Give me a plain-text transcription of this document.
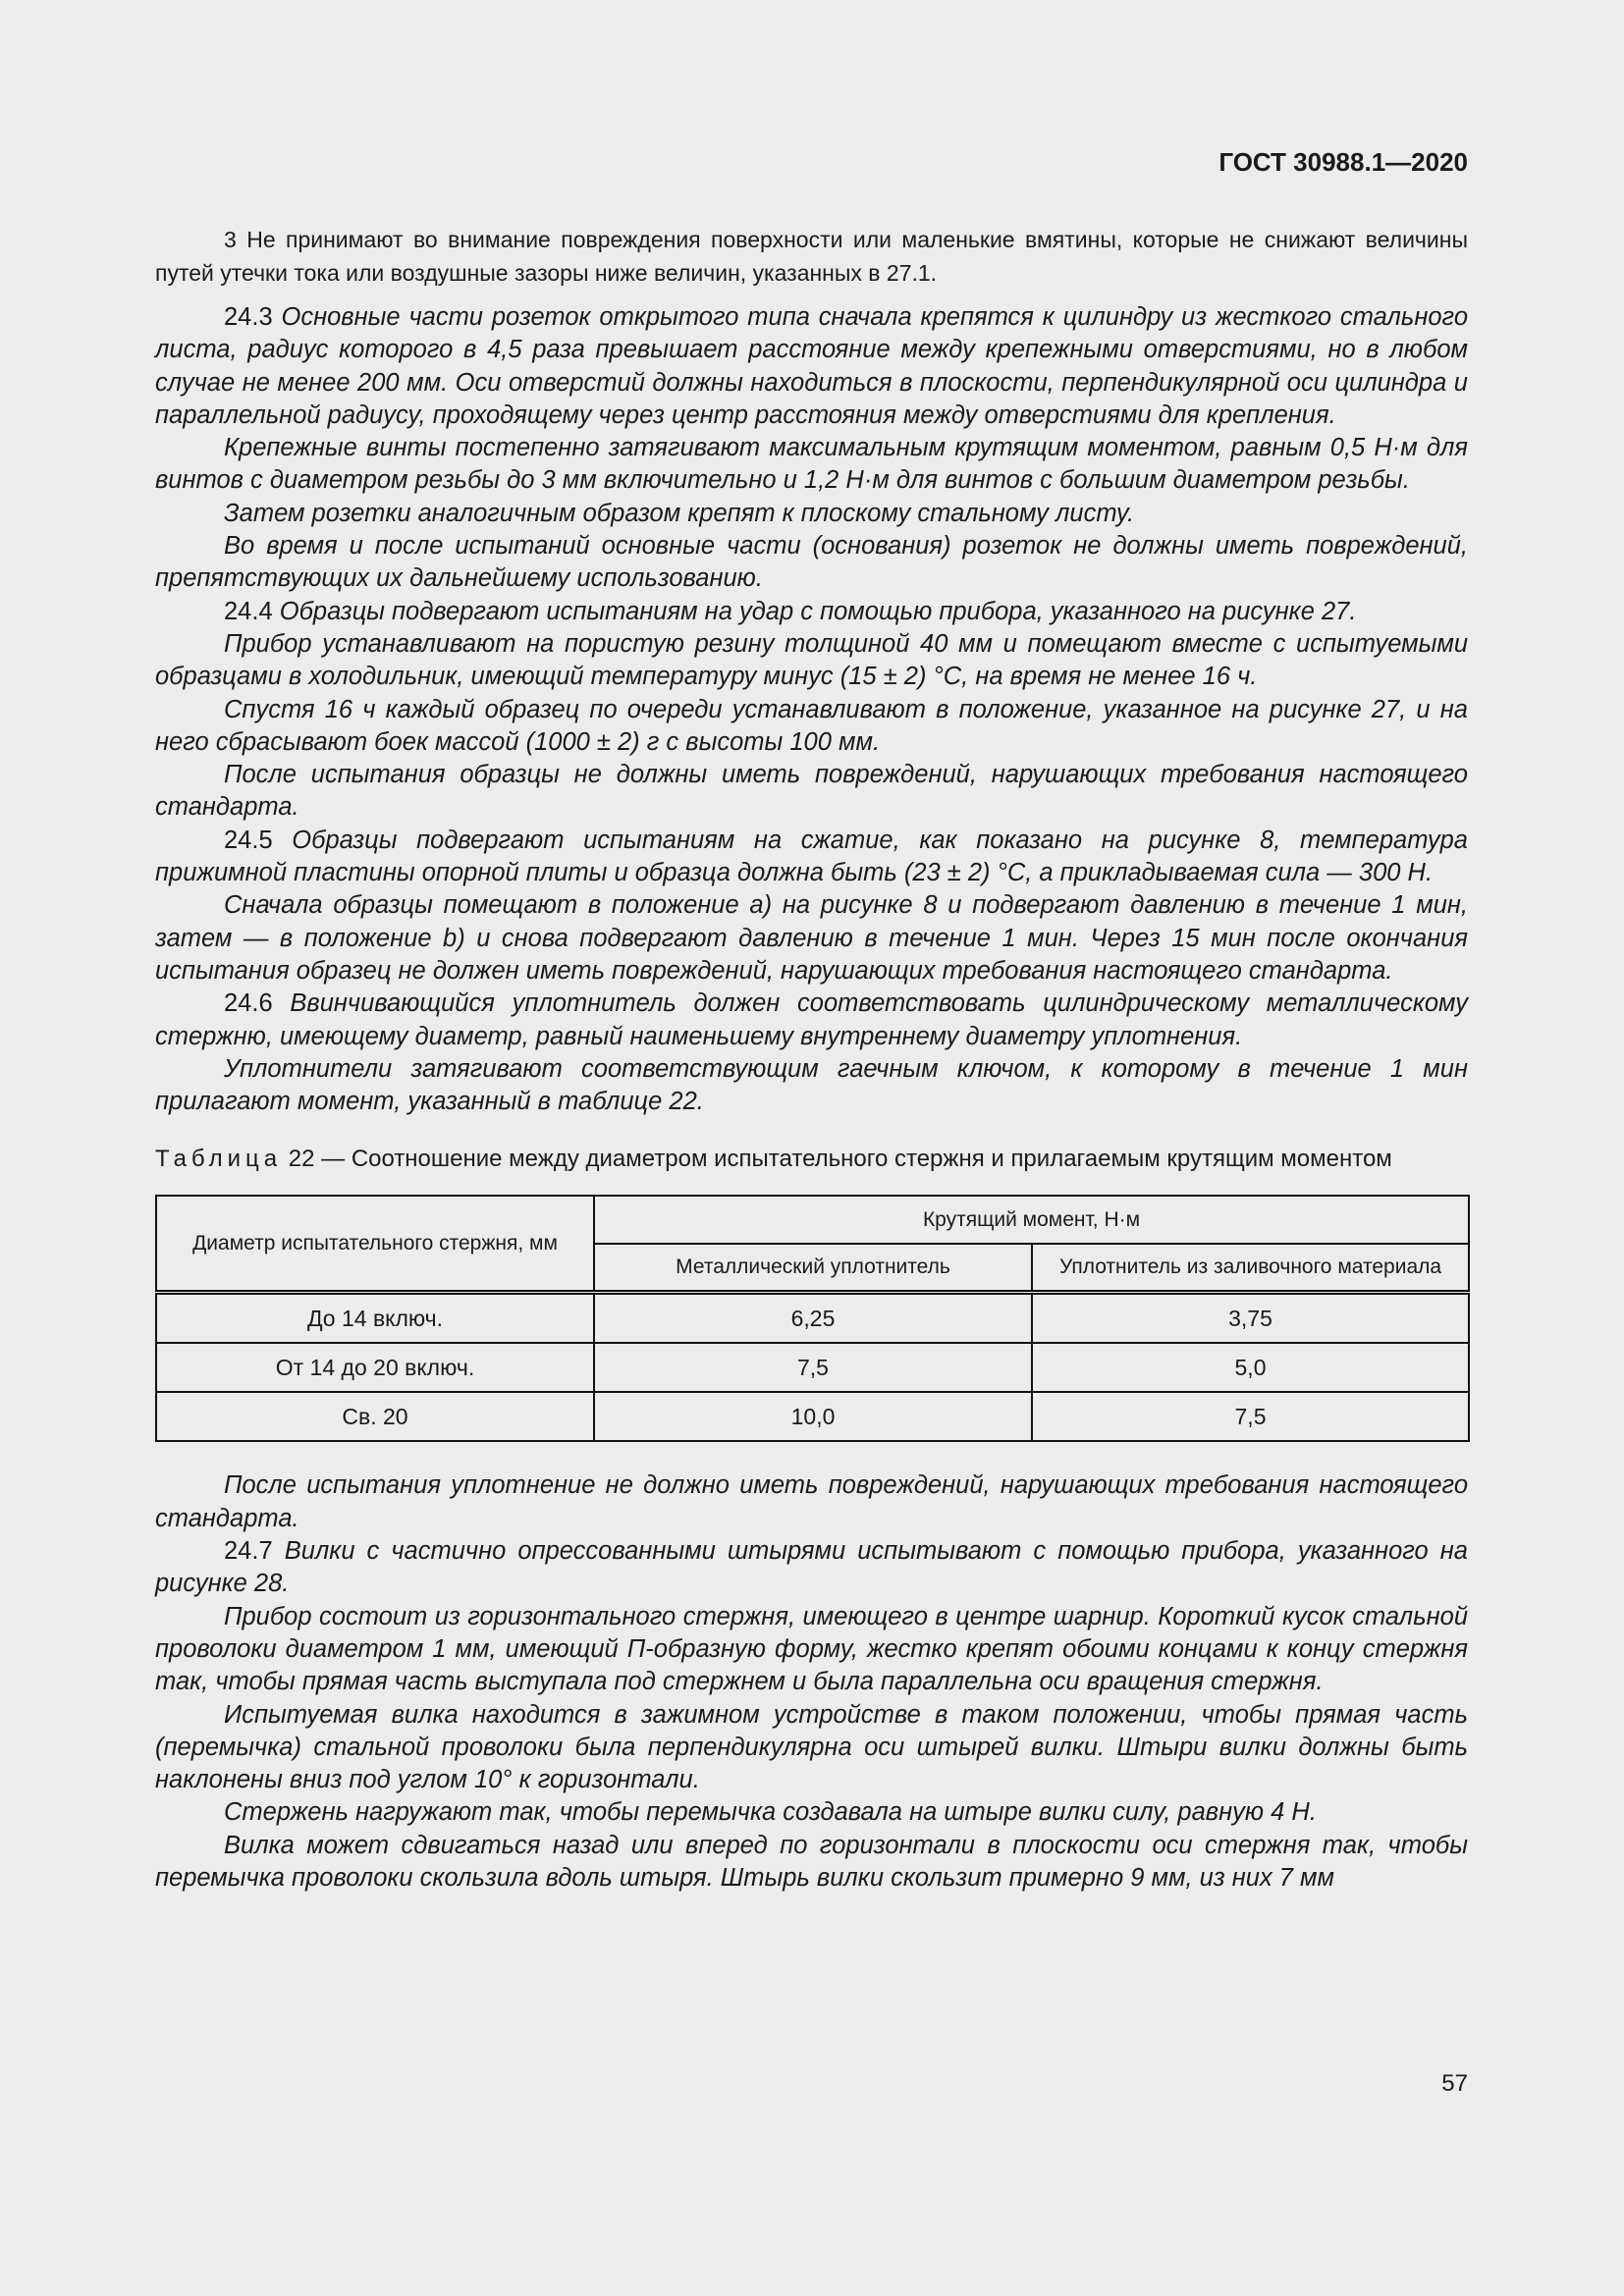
ГОСТ 30988.1—2020

3 Не принимают во внимание повреждения поверхности или маленькие вмятины, которые не снижают величины путей утечки тока или воздушные зазоры ниже величин, указанных в 27.1.

24.3 Основные части розеток открытого типа сначала крепятся к цилиндру из жесткого стального листа, радиус которого в 4,5 раза превышает расстояние между крепежными отверстиями, но в любом случае не менее 200 мм. Оси отверстий должны находиться в плоскости, перпендикулярной оси цилиндра и параллельной радиусу, проходящему через центр расстояния между отверстиями для крепления.

Крепежные винты постепенно затягивают максимальным крутящим моментом, равным 0,5 Н·м для винтов с диаметром резьбы до 3 мм включительно и 1,2 Н·м для винтов с большим диаметром резьбы.

Затем розетки аналогичным образом крепят к плоскому стальному листу.

Во время и после испытаний основные части (основания) розеток не должны иметь повреждений, препятствующих их дальнейшему использованию.

24.4 Образцы подвергают испытаниям на удар с помощью прибора, указанного на рисунке 27.

Прибор устанавливают на пористую резину толщиной 40 мм и помещают вместе с испытуемыми образцами в холодильник, имеющий температуру минус (15 ± 2) °С, на время не менее 16 ч.

Спустя 16 ч каждый образец по очереди устанавливают в положение, указанное на рисунке 27, и на него сбрасывают боек массой (1000 ± 2) г с высоты 100 мм.

После испытания образцы не должны иметь повреждений, нарушающих требования настоящего стандарта.

24.5 Образцы подвергают испытаниям на сжатие, как показано на рисунке 8, температура прижимной пластины опорной плиты и образца должна быть (23 ± 2) °С, а прикладываемая сила — 300 Н.

Сначала образцы помещают в положение а) на рисунке 8 и подвергают давлению в течение 1 мин, затем — в положение b) и снова подвергают давлению в течение 1 мин. Через 15 мин после окончания испытания образец не должен иметь повреждений, нарушающих требования настоящего стандарта.

24.6 Ввинчивающийся уплотнитель должен соответствовать цилиндрическому металлическому стержню, имеющему диаметр, равный наименьшему внутреннему диаметру уплотнения.

Уплотнители затягивают соответствующим гаечным ключом, к которому в течение 1 мин прилагают момент, указанный в таблице 22.

Таблица 22 — Соотношение между диаметром испытательного стержня и прилагаемым крутящим моментом
Диаметр испытательного стержня, мм	Крутящий момент, Н·м	
	Металлический уплотнитель	Уплотнитель из заливочного материала
До 14 включ.	6,25	3,75
От 14 до 20 включ.	7,5	5,0
Св. 20	10,0	7,5

После испытания уплотнение не должно иметь повреждений, нарушающих требования настоящего стандарта.

24.7 Вилки с частично опрессованными штырями испытывают с помощью прибора, указанного на рисунке 28.

Прибор состоит из горизонтального стержня, имеющего в центре шарнир. Короткий кусок стальной проволоки диаметром 1 мм, имеющий П-образную форму, жестко крепят обоими концами к концу стержня так, чтобы прямая часть выступала под стержнем и была параллельна оси вращения стержня.

Испытуемая вилка находится в зажимном устройстве в таком положении, чтобы прямая часть (перемычка) стальной проволоки была перпендикулярна оси штырей вилки. Штыри вилки должны быть наклонены вниз под углом 10° к горизонтали.

Стержень нагружают так, чтобы перемычка создавала на штыре вилки силу, равную 4 Н.

Вилка может сдвигаться назад или вперед по горизонтали в плоскости оси стержня так, чтобы перемычка проволоки скользила вдоль штыря. Штырь вилки скользит примерно 9 мм, из них 7 мм

57
